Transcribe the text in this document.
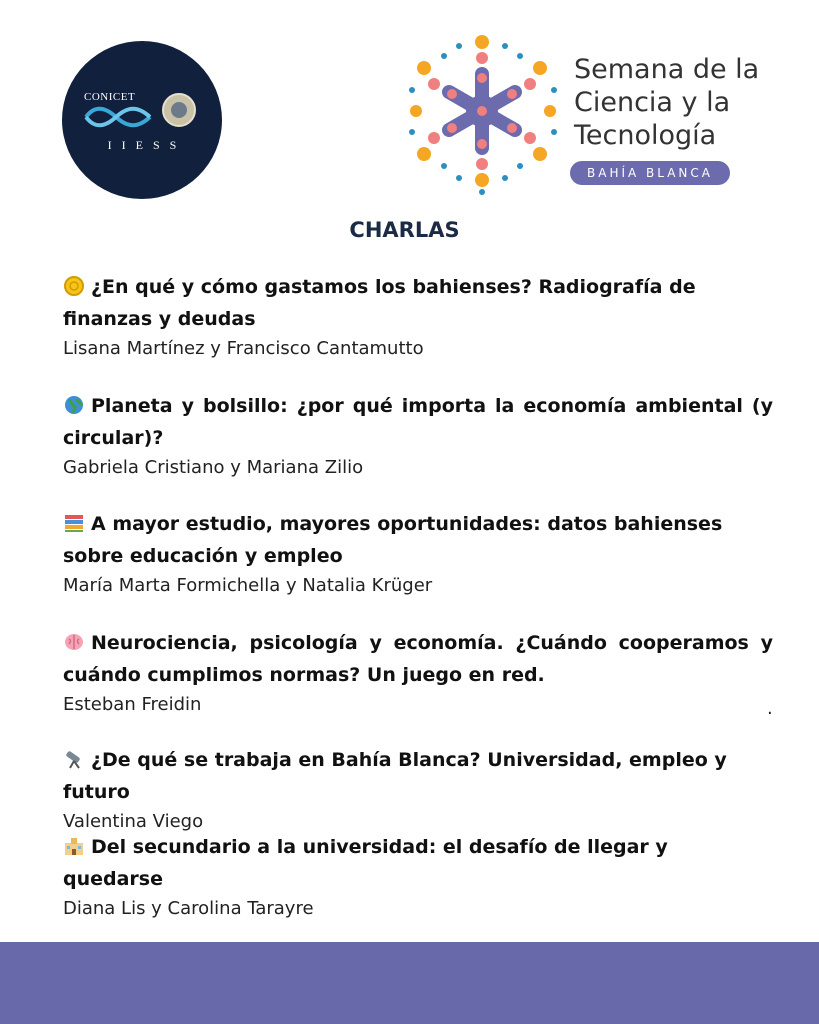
CONICET
IIESS
Semana de la
Ciencia y la
Tecnología
BAHÍA BLANCA
CHARLAS
¿En qué y cómo gastamos los bahienses? Radiografía de finanzas y deudas
Lisana Martínez y Francisco Cantamutto
Planeta y bolsillo: ¿por qué importa la economía ambiental (y circular)?
Gabriela Cristiano y Mariana Zilio
A mayor estudio, mayores oportunidades: datos bahienses sobre educación y empleo
María Marta Formichella y Natalia Krüger
Neurociencia, psicología y economía. ¿Cuándo cooperamos y cuándo cumplimos normas? Un juego en red.
Esteban Freidin	.
¿De qué se trabaja en Bahía Blanca? Universidad, empleo y futuro
Valentina Viego
Del secundario a la universidad: el desafío de llegar y quedarse
Diana Lis y Carolina Tarayre
